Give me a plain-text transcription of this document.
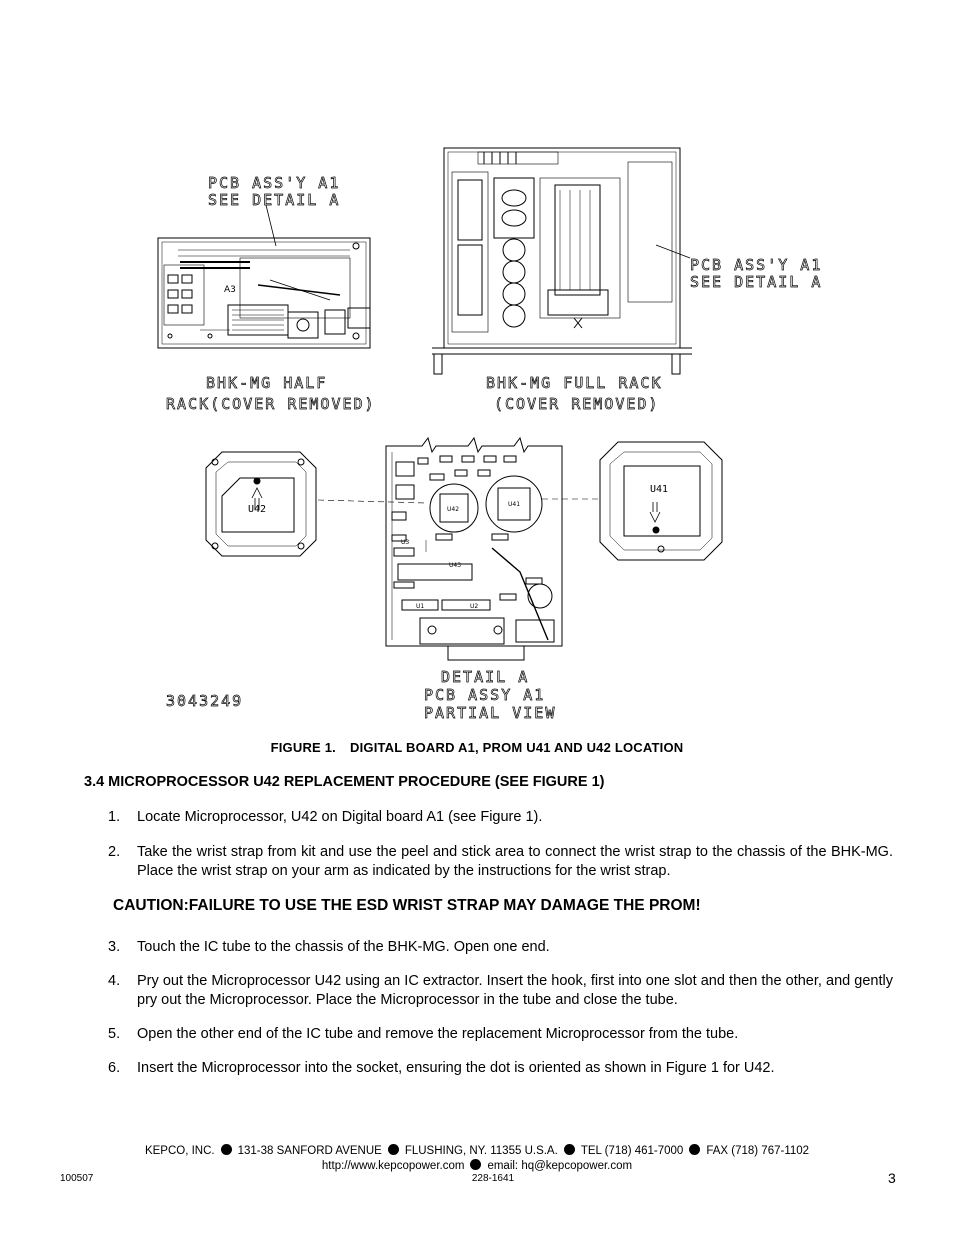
PCB ASS'Y A1
SEE DETAIL A
PCB ASS'Y A1
SEE DETAIL A
BHK-MG HALF
RACK(COVER REMOVED)
BHK-MG FULL RACK
(COVER REMOVED)
A3
U42
U41
U42
U41
U43
U1	U2
U3
DETAIL A
PCB ASSY A1
PARTIAL VIEW
3043249
FIGURE 1. DIGITAL BOARD A1, PROM U41 AND U42 LOCATION
3.4 MICROPROCESSOR U42 REPLACEMENT PROCEDURE (SEE FIGURE 1)
1. Locate Microprocessor, U42 on Digital board A1 (see Figure 1).
2. Take the wrist strap from kit and use the peel and stick area to connect the wrist strap to the chassis of the BHK-MG. Place the wrist strap on your arm as indicated by the instructions for the wrist strap.
CAUTION:FAILURE TO USE THE ESD WRIST STRAP MAY DAMAGE THE PROM!
3. Touch the IC tube to the chassis of the BHK-MG. Open one end.
4. Pry out the Microprocessor U42 using an IC extractor. Insert the hook, first into one slot and then the other, and gently pry out the Microprocessor. Place the Microprocessor in the tube and close the tube.
5. Open the other end of the IC tube and remove the replacement Microprocessor from the tube.
6. Insert the Microprocessor into the socket, ensuring the dot is oriented as shown in Figure 1 for U42.
KEPCO, INC. 131-38 SANFORD AVENUE FLUSHING, NY. 11355 U.S.A. TEL (718) 461-7000 FAX (718) 767-1102
http://www.kepcopower.com email: hq@kepcopower.com
100507	228-1641	3
